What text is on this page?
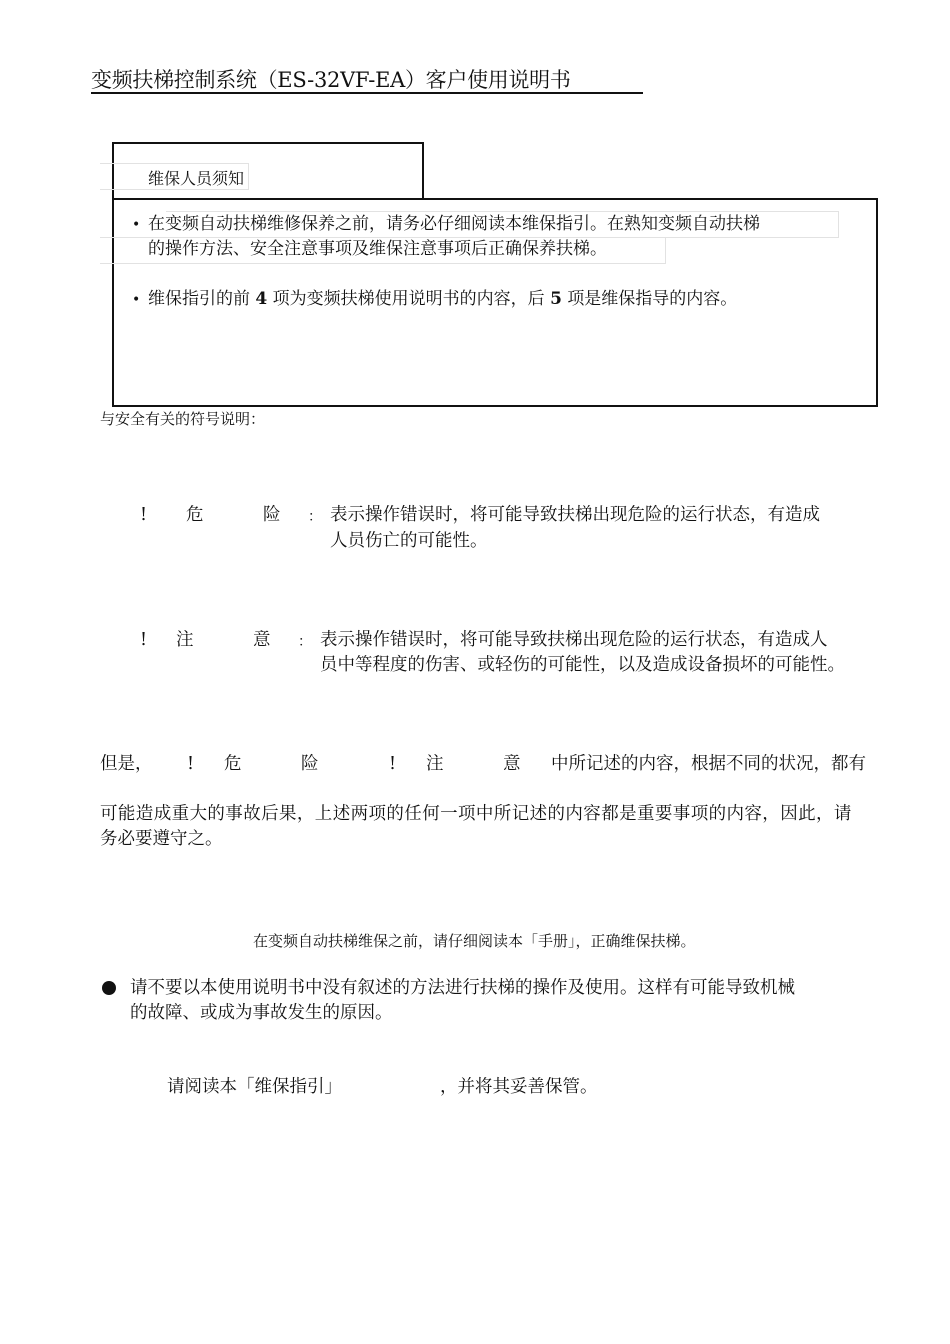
变频扶梯控制系统（ES-32VF-EA）客户使用说明书
维保人员须知
• 在变频自动扶梯维修保养之前，请务必仔细阅读本维保指引。在熟知变频自动扶梯
的操作方法、安全注意事项及维保注意事项后正确保养扶梯。
• 维保指引的前 4 项为变频扶梯使用说明书的内容，后 5 项是维保指导的内容。
与安全有关的符号说明：
! 危	险 ： 表示操作错误时，将可能导致扶梯出现危险的运行状态，有造成
人员伤亡的可能性。
! 注	意 ： 表示操作错误时，将可能导致扶梯出现危险的运行状态，有造成人
员中等程度的伤害、或轻伤的可能性，以及造成设备损坏的可能性。
但是， ! 危	险	! 注	意 中所记述的内容，根据不同的状况，都有
可能造成重大的事故后果，上述两项的任何一项中所记述的内容都是重要事项的内容，因此，请
务必要遵守之。
在变频自动扶梯维保之前，请仔细阅读本「手册」，正确维保扶梯。
请不要以本使用说明书中没有叙述的方法进行扶梯的操作及使用。这样有可能导致机械
的故障、或成为事故发生的原因。
请阅读本「维保指引」	，并将其妥善保管。
